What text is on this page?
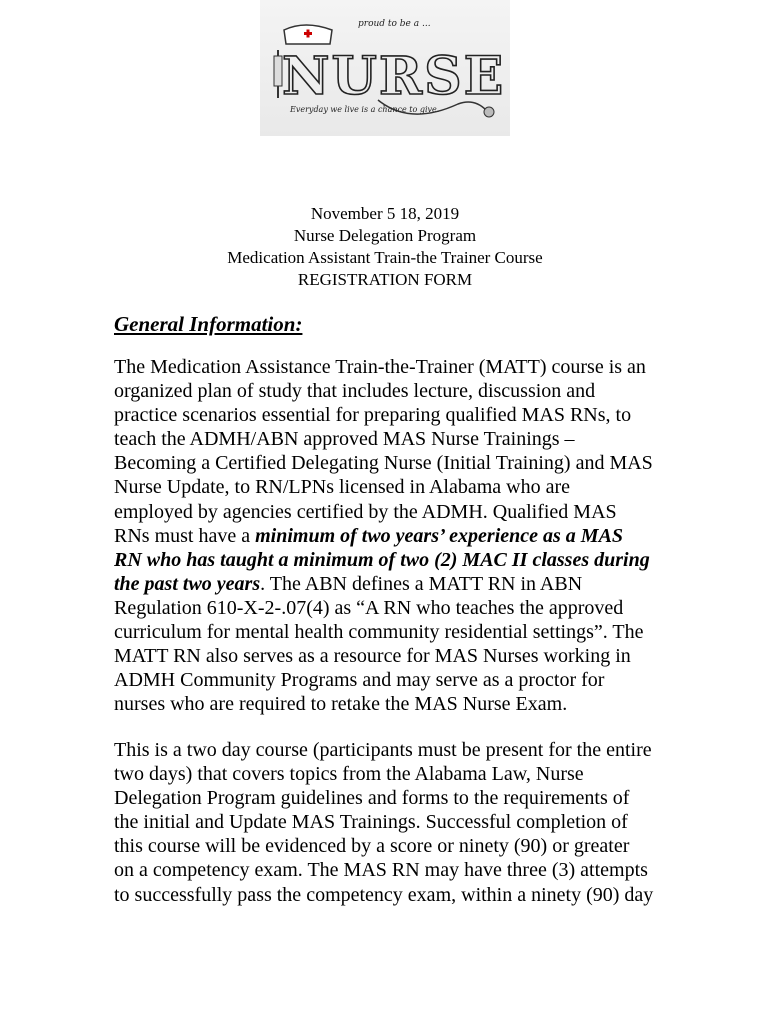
proud to be a ...
NURSE
Everyday we live is a chance to give.
November 5 18, 2019
Nurse Delegation Program
Medication Assistant Train-the Trainer Course
REGISTRATION FORM
General Information:
The Medication Assistance Train-the-Trainer (MATT) course is an
organized plan of study that includes lecture, discussion and
practice scenarios essential for preparing qualified MAS RNs, to
teach the ADMH/ABN approved MAS Nurse Trainings –
Becoming a Certified Delegating Nurse (Initial Training) and MAS
Nurse Update, to RN/LPNs licensed in Alabama who are
employed by agencies certified by the ADMH. Qualified MAS
RNs must have a minimum of two years’ experience as a MAS
RN who has taught a minimum of two (2) MAC II classes during
the past two years. The ABN defines a MATT RN in ABN
Regulation 610-X-2-.07(4) as “A RN who teaches the approved
curriculum for mental health community residential settings”. The
MATT RN also serves as a resource for MAS Nurses working in
ADMH Community Programs and may serve as a proctor for
nurses who are required to retake the MAS Nurse Exam.
This is a two day course (participants must be present for the entire
two days) that covers topics from the Alabama Law, Nurse
Delegation Program guidelines and forms to the requirements of
the initial and Update MAS Trainings. Successful completion of
this course will be evidenced by a score or ninety (90) or greater
on a competency exam. The MAS RN may have three (3) attempts
to successfully pass the competency exam, within a ninety (90) day
